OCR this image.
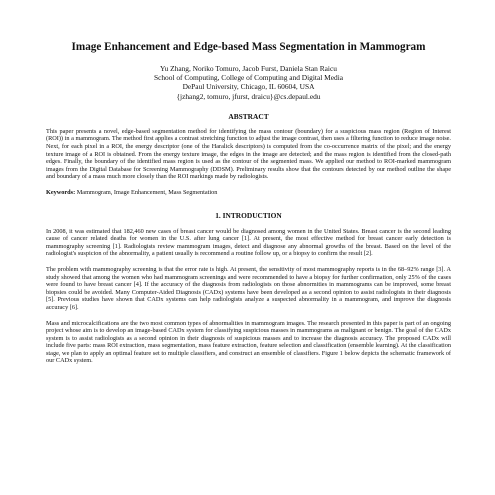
Image Enhancement and Edge-based Mass Segmentation in Mammogram
Yu Zhang, Noriko Tomuro, Jacob Furst, Daniela Stan Raicu
School of Computing, College of Computing and Digital Media
DePaul University, Chicago, IL 60604, USA
{jzhang2, tomuro, jfurst, draicu}@cs.depaul.edu
ABSTRACT

This paper presents a novel, edge-based segmentation method for identifying the mass contour (boundary) for a suspicious mass region (Region of Interest (ROI)) in a mammogram. The method first applies a contrast stretching function to adjust the image contrast, then uses a filtering function to reduce image noise. Next, for each pixel in a ROI, the energy descriptor (one of the Haralick descriptors) is computed from the co-occurrence matrix of the pixel; and the energy texture image of a ROI is obtained. From the energy texture image, the edges in the image are detected; and the mass region is identified from the closed-path edges. Finally, the boundary of the identified mass region is used as the contour of the segmented mass. We applied our method to ROI-marked mammogram images from the Digital Database for Screening Mammography (DDSM). Preliminary results show that the contours detected by our method outline the shape and boundary of a mass much more closely than the ROI markings made by radiologists.

Keywords: Mammogram, Image Enhancement, Mass Segmentation
1. INTRODUCTION

In 2008, it was estimated that 182,460 new cases of breast cancer would be diagnosed among women in the United States. Breast cancer is the second leading cause of cancer related deaths for women in the U.S. after lung cancer [1]. At present, the most effective method for breast cancer early detection is mammography screening [1]. Radiologists review mammogram images, detect and diagnose any abnormal growths of the breast. Based on the level of the radiologist's suspicion of the abnormality, a patient usually is recommend a routine follow up, or a biopsy to confirm the result [2].

The problem with mammography screening is that the error rate is high. At present, the sensitivity of most mammography reports is in the 68–92% range [3]. A study showed that among the women who had mammogram screenings and were recommended to have a biopsy for further confirmation, only 25% of the cases were found to have breast cancer [4]. If the accuracy of the diagnosis from radiologists on those abnormities in mammograms can be improved, some breast biopsies could be avoided. Many Computer-Aided Diagnosis (CADx) systems have been developed as a second opinion to assist radiologists in their diagnosis [5]. Previous studies have shown that CADx systems can help radiologists analyze a suspected abnormality in a mammogram, and improve the diagnosis accuracy [6].

Mass and microcalcifications are the two most common types of abnormalities in mammogram images. The research presented in this paper is part of an ongoing project whose aim is to develop an image-based CADx system for classifying suspicious masses in mammograms as malignant or benign. The goal of the CADx system is to assist radiologists as a second opinion in their diagnosis of suspicious masses and to increase the diagnosis accuracy. The proposed CADx will include five parts: mass ROI extraction, mass segmentation, mass feature extraction, feature selection and classification (ensemble learning). At the classification stage, we plan to apply an optimal feature set to multiple classifiers, and construct an ensemble of classifiers. Figure 1 below depicts the schematic framework of our CADx system.
